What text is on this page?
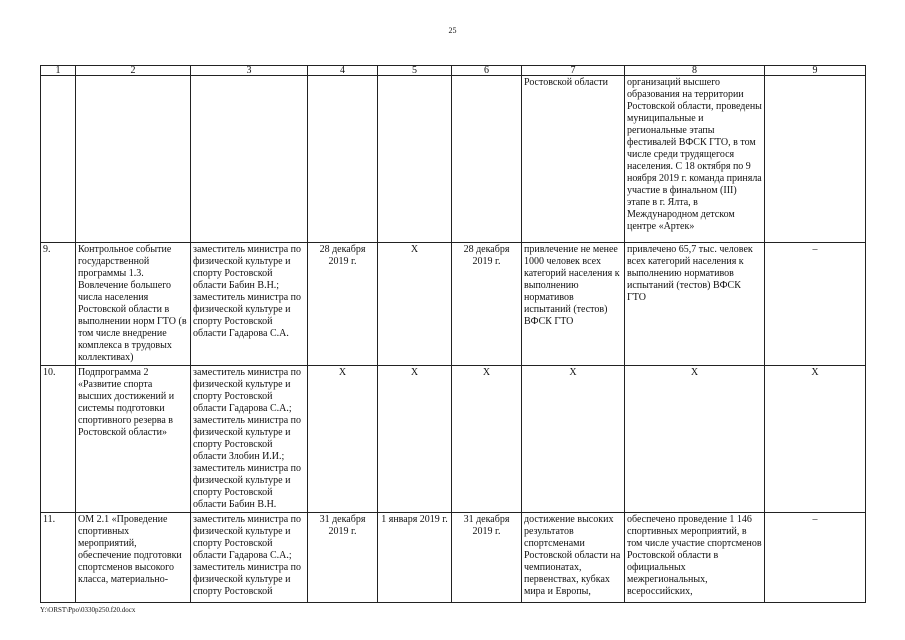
25
1	2	3	4	5	6	7	8	9
						Ростовской области	организаций высшего образования на территории Ростовской области, проведены муниципальные и региональные этапы фестивалей ВФСК ГТО, в том числе среди трудящегося населения. С 18 октября по 9 ноября 2019 г. команда приняла участие в финальном (III) этапе в г. Ялта, в Международном детском центре «Артек»	
9.	Контрольное событие государственной программы 1.3. Вовлечение большего числа населения Ростовской области в выполнении норм ГТО (в том числе внедрение комплекса в трудовых коллективах)	заместитель министра по физической культуре и спорту Ростовской области Бабин В.Н.; заместитель министра по физической культуре и спорту Ростовской области Гадарова С.А.	28 декабря 2019 г.	X	28 декабря 2019 г.	привлечение не менее 1000 человек всех категорий населения к выполнению нормативов испытаний (тестов) ВФСК ГТО	привлечено 65,7 тыс. человек всех категорий населения к выполнению нормативов испытаний (тестов) ВФСК ГТО	–
10.	Подпрограмма 2 «Развитие спорта высших достижений и системы подготовки спортивного резерва в Ростовской области»	заместитель министра по физической культуре и спорту Ростовской области Гадарова С.А.; заместитель министра по физической культуре и спорту Ростовской области Злобин И.И.; заместитель министра по физической культуре и спорту Ростовской области Бабин В.Н.	X	X	X	X	X	X
11.	ОМ 2.1 «Проведение спортивных мероприятий, обеспечение подготовки спортсменов высокого класса, материально-	заместитель министра по физической культуре и спорту Ростовской области Гадарова С.А.; заместитель министра по физической культуре и спорту Ростовской	31 декабря 2019 г.	1 января 2019 г.	31 декабря 2019 г.	достижение высоких результатов спортсменами Ростовской области на чемпионатах, первенствах, кубках мира и Европы,	обеспечено проведение 1 146 спортивных мероприятий, в том числе участие спортсменов Ростовской области в официальных межрегиональных, всероссийских,	–
Y:\ORST\Ppo\0330p250.f20.docx
